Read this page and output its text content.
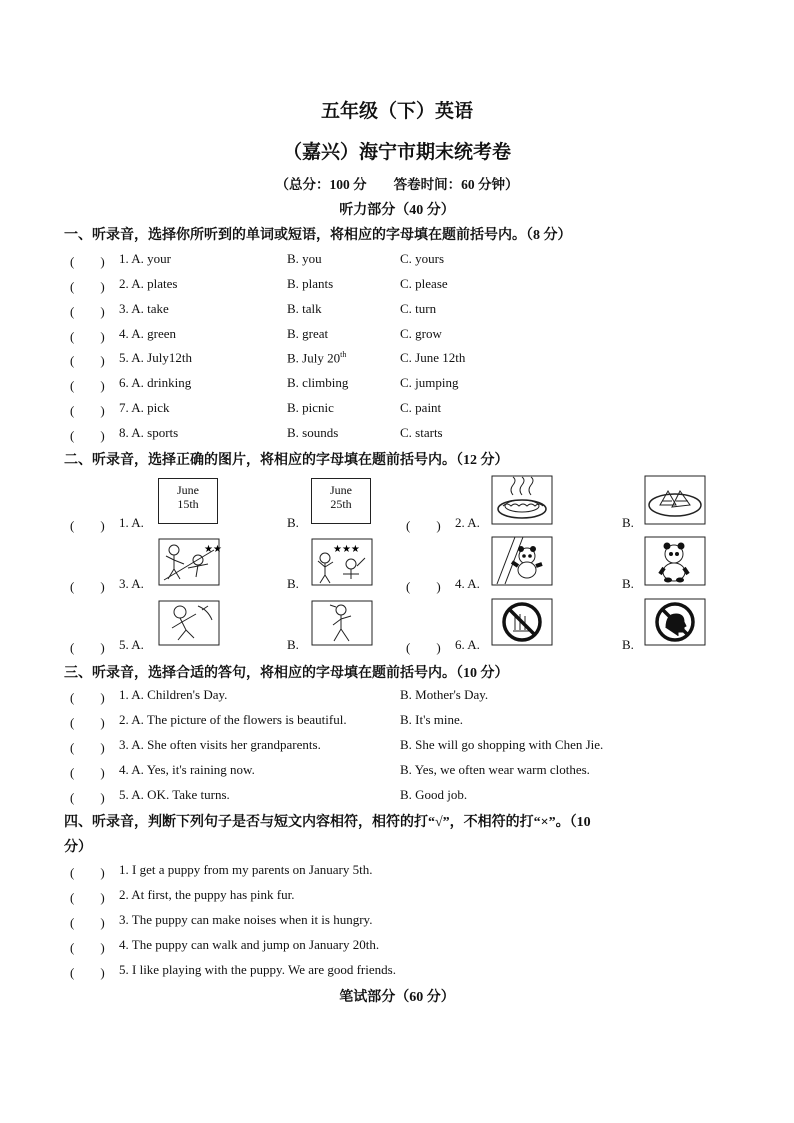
五年级（下）英语
（嘉兴）海宁市期末统考卷
（总分：100 分　　答卷时间：60 分钟）
听力部分（40 分）
一、听录音，选择你所听到的单词或短语，将相应的字母填在题前括号内。（8 分）
(　　) 1. A. your	B. you	C. yours
(　　) 2. A. plates	B. plants	C. please
(　　) 3. A. take	B. talk	C. turn
(　　) 4. A. green	B. great	C. grow
(　　) 5. A. July12th	B. July 20th	C. June 12th
(　　) 6. A. drinking	B. climbing	C. jumping
(　　) 7. A. pick	B. picnic	C. paint
(　　) 8. A. sports	B. sounds	C. starts
二、听录音，选择正确的图片，将相应的字母填在题前括号内。（12 分）
(　　) 1. A.
June
15th
B.
June
25th
(　　) 2. A.	B.
(　　) 3. A.
★★
B.
★★★
(　　) 4. A.	B.
(　　) 5. A.	B.	(　　) 6. A.	B.
三、听录音，选择合适的答句，将相应的字母填在题前括号内。（10 分）
(　　) 1. A. Children's Day.	B. Mother's Day.
(　　) 2. A. The picture of the flowers is beautiful.	B. It's mine.
(　　) 3. A. She often visits her grandparents.	B. She will go shopping with Chen Jie.
(　　) 4. A. Yes, it's raining now.	B. Yes, we often wear warm clothes.
(　　) 5. A. OK. Take turns.	B. Good job.
四、听录音，判断下列句子是否与短文内容相符，相符的打“√”，不相符的打“×”。（10
分）
(　　) 1. I get a puppy from my parents on January 5th.
(　　) 2. At first, the puppy has pink fur.
(　　) 3. The puppy can make noises when it is hungry.
(　　) 4. The puppy can walk and jump on January 20th.
(　　) 5. I like playing with the puppy. We are good friends.
笔试部分（60 分）
